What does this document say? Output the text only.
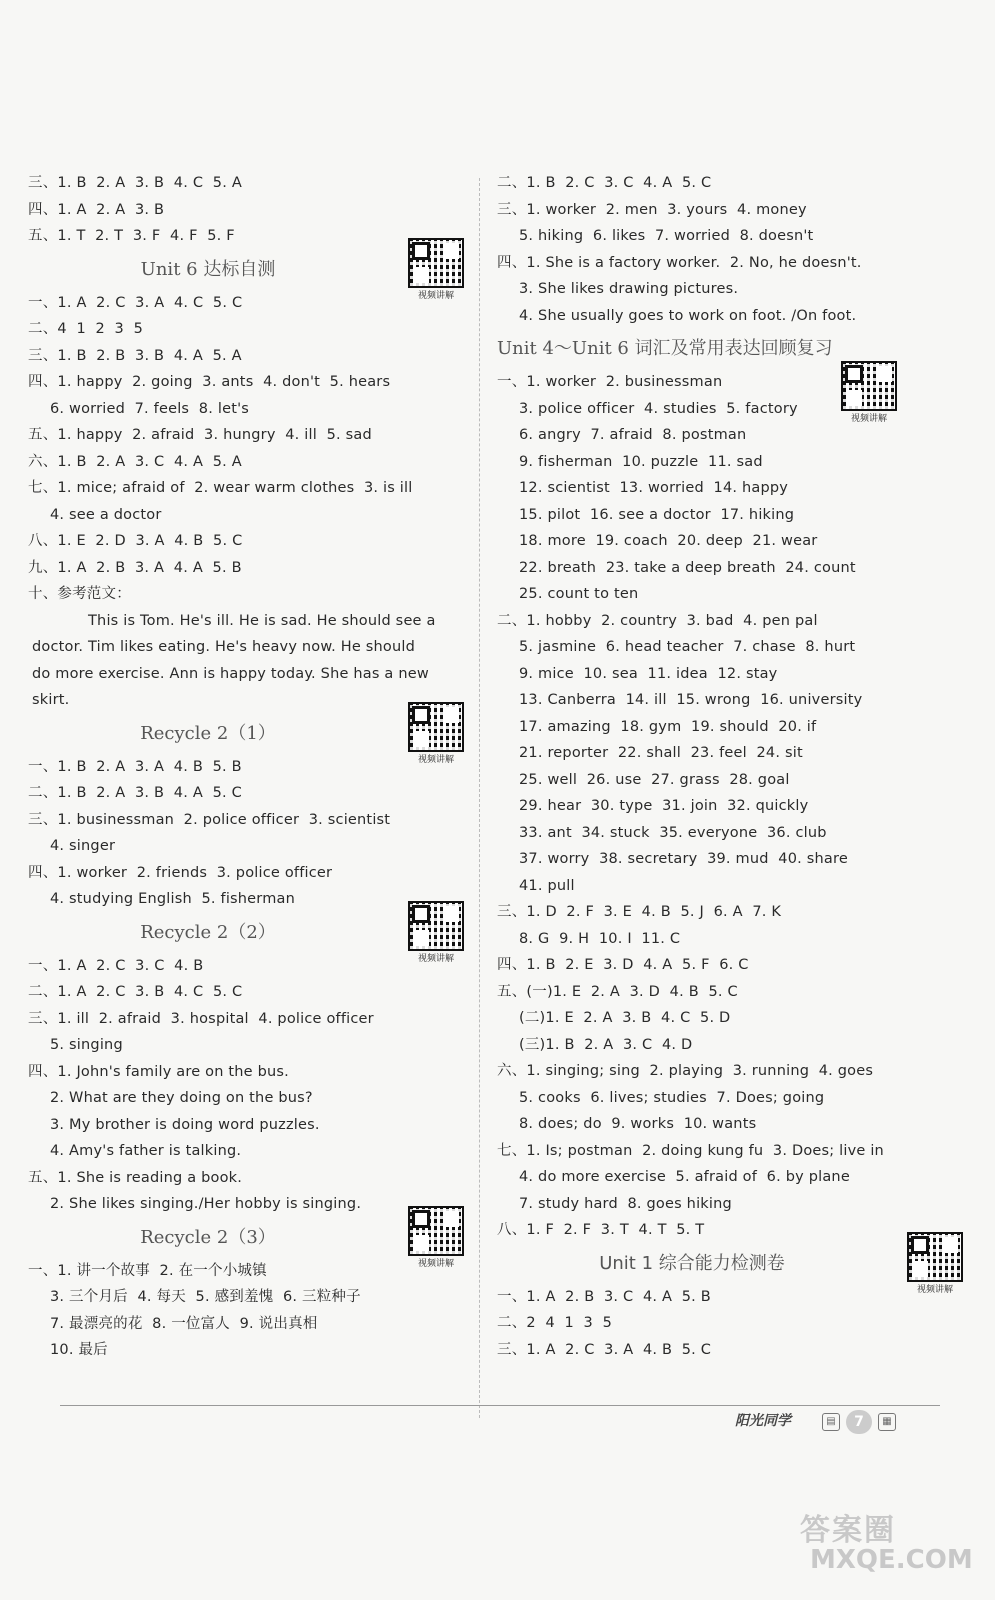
三、1. B  2. A  3. B  4. C  5. A
四、1. A  2. A  3. B
五、1. T  2. T  3. F  4. F  5. F
Unit 6 达标自测
视频讲解
一、1. A  2. C  3. A  4. C  5. C
二、4  1  2  3  5
三、1. B  2. B  3. B  4. A  5. A
四、1. happy  2. going  3. ants  4. don't  5. hears
6. worried  7. feels  8. let's
五、1. happy  2. afraid  3. hungry  4. ill  5. sad
六、1. B  2. A  3. C  4. A  5. A
七、1. mice; afraid of  2. wear warm clothes  3. is ill
4. see a doctor
八、1. E  2. D  3. A  4. B  5. C
九、1. A  2. B  3. A  4. A  5. B
十、参考范文：
This is Tom. He's ill. He is sad. He should see a
doctor. Tim likes eating. He's heavy now. He should
do more exercise. Ann is happy today. She has a new
skirt.
Recycle 2（1）
视频讲解
一、1. B  2. A  3. A  4. B  5. B
二、1. B  2. A  3. B  4. A  5. C
三、1. businessman  2. police officer  3. scientist
4. singer
四、1. worker  2. friends  3. police officer
4. studying English  5. fisherman
Recycle 2（2）
视频讲解
一、1. A  2. C  3. C  4. B
二、1. A  2. C  3. B  4. C  5. C
三、1. ill  2. afraid  3. hospital  4. police officer
5. singing
四、1. John's family are on the bus.
2. What are they doing on the bus?
3. My brother is doing word puzzles.
4. Amy's father is talking.
五、1. She is reading a book.
2. She likes singing./Her hobby is singing.
Recycle 2（3）
视频讲解
一、1. 讲一个故事  2. 在一个小城镇
3. 三个月后  4. 每天  5. 感到羞愧  6. 三粒种子
7. 最漂亮的花  8. 一位富人  9. 说出真相
10. 最后
二、1. B  2. C  3. C  4. A  5. C
三、1. worker  2. men  3. yours  4. money
5. hiking  6. likes  7. worried  8. doesn't
四、1. She is a factory worker.  2. No, he doesn't.
3. She likes drawing pictures.
4. She usually goes to work on foot. /On foot.
Unit 4～Unit 6 词汇及常用表达回顾复习
视频讲解
一、1. worker  2. businessman
3. police officer  4. studies  5. factory
6. angry  7. afraid  8. postman
9. fisherman  10. puzzle  11. sad
12. scientist  13. worried  14. happy
15. pilot  16. see a doctor  17. hiking
18. more  19. coach  20. deep  21. wear
22. breath  23. take a deep breath  24. count
25. count to ten
二、1. hobby  2. country  3. bad  4. pen pal
5. jasmine  6. head teacher  7. chase  8. hurt
9. mice  10. sea  11. idea  12. stay
13. Canberra  14. ill  15. wrong  16. university
17. amazing  18. gym  19. should  20. if
21. reporter  22. shall  23. feel  24. sit
25. well  26. use  27. grass  28. goal
29. hear  30. type  31. join  32. quickly
33. ant  34. stuck  35. everyone  36. club
37. worry  38. secretary  39. mud  40. share
41. pull
三、1. D  2. F  3. E  4. B  5. J  6. A  7. K
8. G  9. H  10. I  11. C
四、1. B  2. E  3. D  4. A  5. F  6. C
五、(一)1. E  2. A  3. D  4. B  5. C
(二)1. E  2. A  3. B  4. C  5. D
(三)1. B  2. A  3. C  4. D
六、1. singing; sing  2. playing  3. running  4. goes
5. cooks  6. lives; studies  7. Does; going
8. does; do  9. works  10. wants
七、1. Is; postman  2. doing kung fu  3. Does; live in
4. do more exercise  5. afraid of  6. by plane
7. study hard  8. goes hiking
八、1. F  2. F  3. T  4. T  5. T
Unit 1 综合能力检测卷
视频讲解
一、1. A  2. B  3. C  4. A  5. B
二、2  4  1  3  5
三、1. A  2. C  3. A  4. B  5. C
阳光同学	▤	7	▦
答案圈
MXQE.COM
